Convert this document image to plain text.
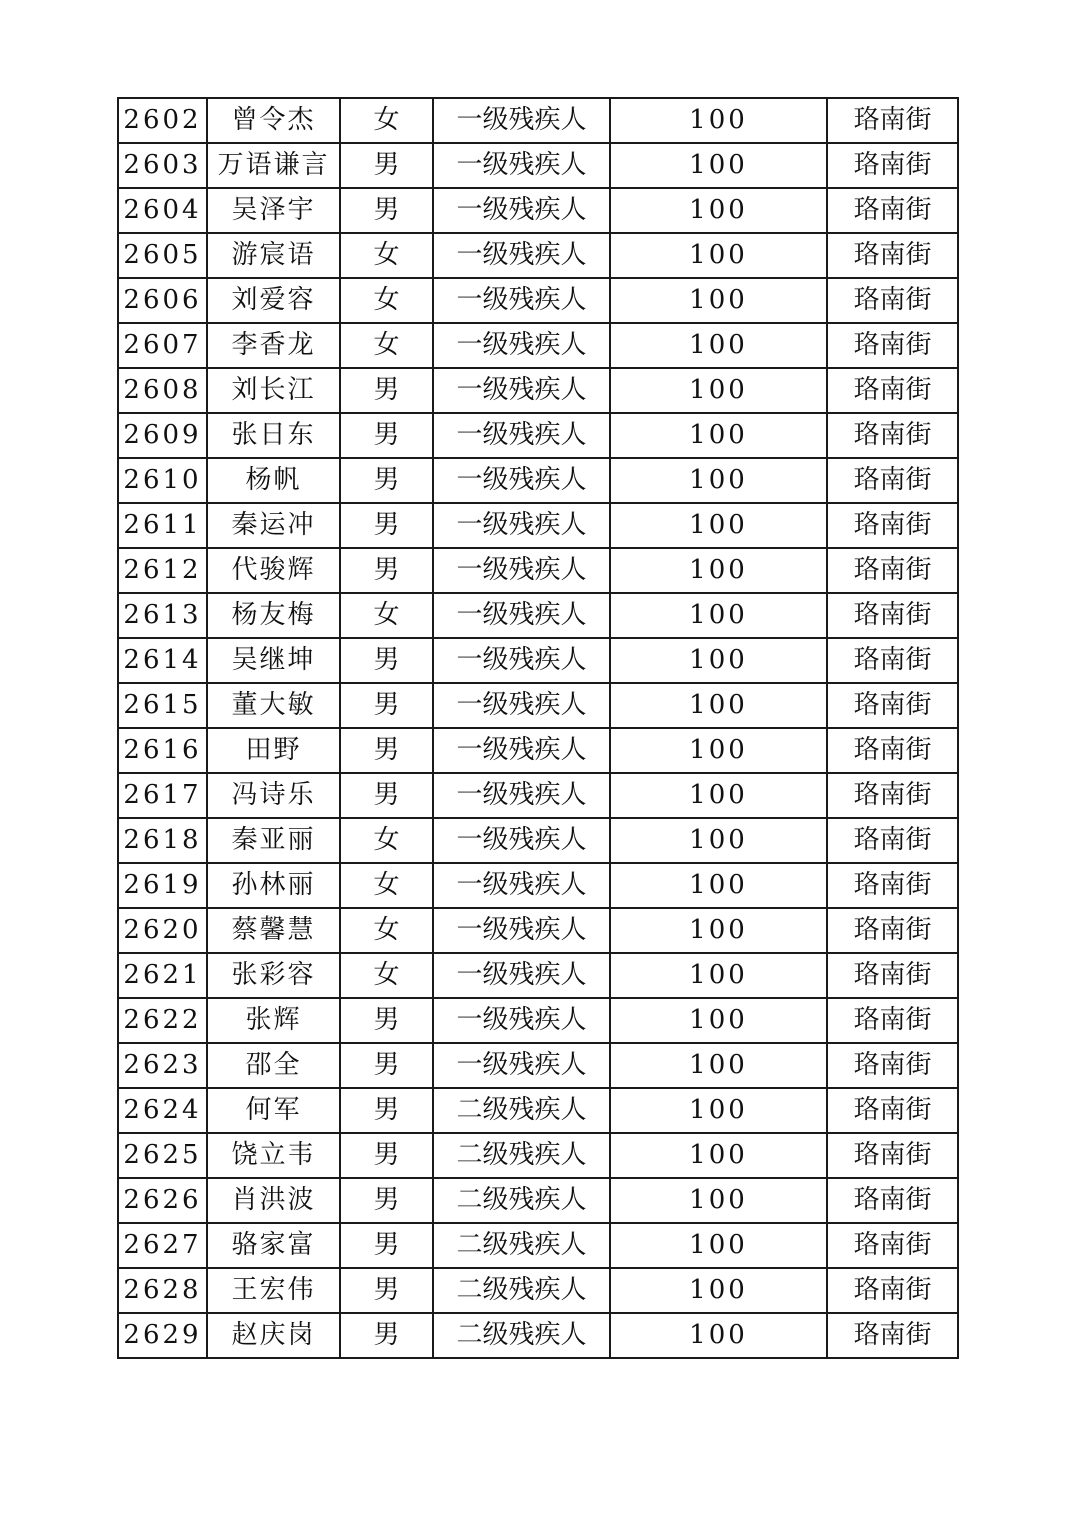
2602	曾令杰	女	一级残疾人	100	珞南街
2603	万语谦言	男	一级残疾人	100	珞南街
2604	吴泽宇	男	一级残疾人	100	珞南街
2605	游宸语	女	一级残疾人	100	珞南街
2606	刘爱容	女	一级残疾人	100	珞南街
2607	李香龙	女	一级残疾人	100	珞南街
2608	刘长江	男	一级残疾人	100	珞南街
2609	张日东	男	一级残疾人	100	珞南街
2610	杨帆	男	一级残疾人	100	珞南街
2611	秦运冲	男	一级残疾人	100	珞南街
2612	代骏辉	男	一级残疾人	100	珞南街
2613	杨友梅	女	一级残疾人	100	珞南街
2614	吴继坤	男	一级残疾人	100	珞南街
2615	董大敏	男	一级残疾人	100	珞南街
2616	田野	男	一级残疾人	100	珞南街
2617	冯诗乐	男	一级残疾人	100	珞南街
2618	秦亚丽	女	一级残疾人	100	珞南街
2619	孙林丽	女	一级残疾人	100	珞南街
2620	蔡馨慧	女	一级残疾人	100	珞南街
2621	张彩容	女	一级残疾人	100	珞南街
2622	张辉	男	一级残疾人	100	珞南街
2623	邵全	男	一级残疾人	100	珞南街
2624	何军	男	二级残疾人	100	珞南街
2625	饶立韦	男	二级残疾人	100	珞南街
2626	肖洪波	男	二级残疾人	100	珞南街
2627	骆家富	男	二级残疾人	100	珞南街
2628	王宏伟	男	二级残疾人	100	珞南街
2629	赵庆岗	男	二级残疾人	100	珞南街
